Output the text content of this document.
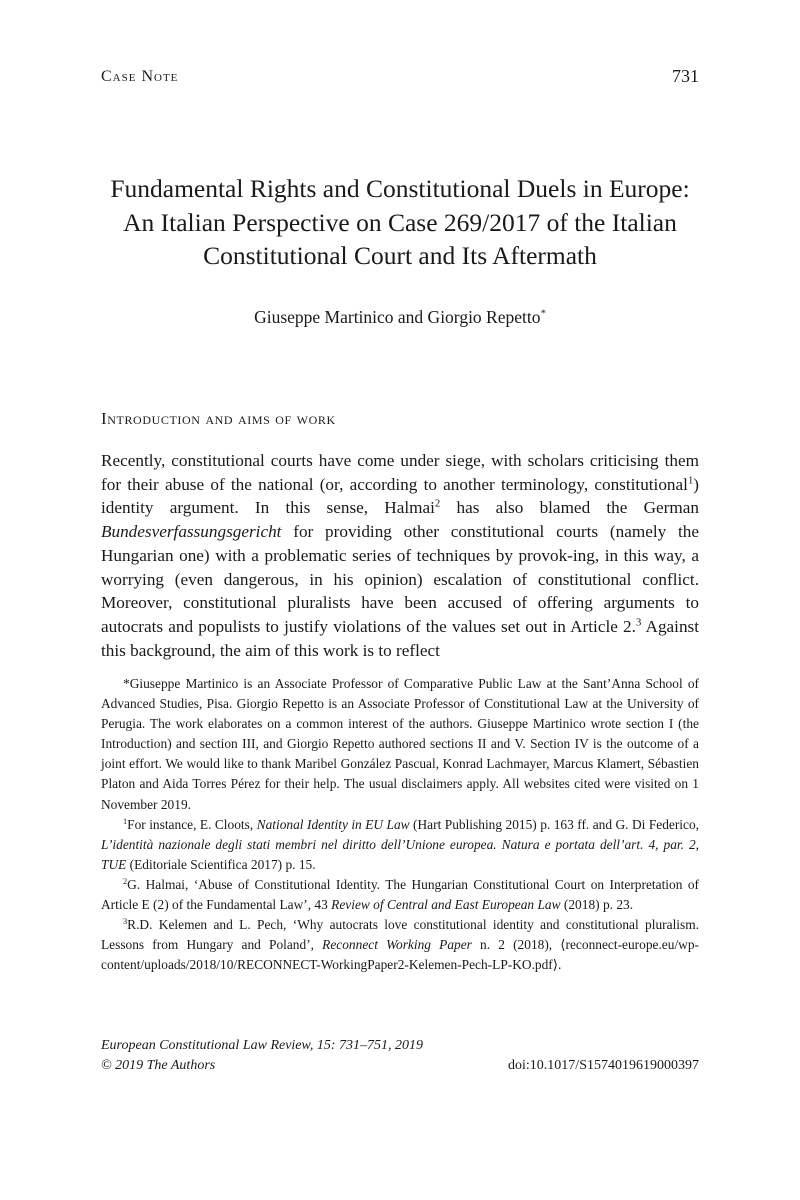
Case Note	731
Fundamental Rights and Constitutional Duels in Europe: An Italian Perspective on Case 269/2017 of the Italian Constitutional Court and Its Aftermath
Giuseppe Martinico and Giorgio Repetto*
Introduction and aims of work

Recently, constitutional courts have come under siege, with scholars criticising them for their abuse of the national (or, according to another terminology, constitutional$^1$) identity argument. In this sense, Halmai$^2$ has also blamed the German Bundesverfassungsgericht for providing other constitutional courts (namely the Hungarian one) with a problematic series of techniques by provok-ing, in this way, a worrying (even dangerous, in his opinion) escalation of constitutional conflict. Moreover, constitutional pluralists have been accused of offering arguments to autocrats and populists to justify violations of the values set out in Article 2.$^3$ Against this background, the aim of this work is to reflect

*Giuseppe Martinico is an Associate Professor of Comparative Public Law at the Sant’Anna School of Advanced Studies, Pisa. Giorgio Repetto is an Associate Professor of Constitutional Law at the University of Perugia. The work elaborates on a common interest of the authors. Giuseppe Martinico wrote section I (the Introduction) and section III, and Giorgio Repetto authored sections II and V. Section IV is the outcome of a joint effort. We would like to thank Maribel González Pascual, Konrad Lachmayer, Marcus Klamert, Sébastien Platon and Aida Torres Pérez for their help. The usual disclaimers apply. All websites cited were visited on 1 November 2019.

$^1$For instance, E. Cloots, National Identity in EU Law (Hart Publishing 2015) p. 163 ff. and G. Di Federico, L’identità nazionale degli stati membri nel diritto dell’Unione europea. Natura e portata dell’art. 4, par. 2, TUE (Editoriale Scientifica 2017) p. 15.

$^2$G. Halmai, ‘Abuse of Constitutional Identity. The Hungarian Constitutional Court on Interpretation of Article E (2) of the Fundamental Law’, 43 Review of Central and East European Law (2018) p. 23.

$^3$R.D. Kelemen and L. Pech, ‘Why autocrats love constitutional identity and constitutional pluralism. Lessons from Hungary and Poland’, Reconnect Working Paper n. 2 (2018), ⟨reconnect-europe.eu/wp-content/uploads/2018/10/RECONNECT-WorkingPaper2-Kelemen-Pech-LP-KO.pdf⟩.

European Constitutional Law Review, 15: 731–751, 2019
© 2019 The Authors	doi:10.1017/S1574019619000397
